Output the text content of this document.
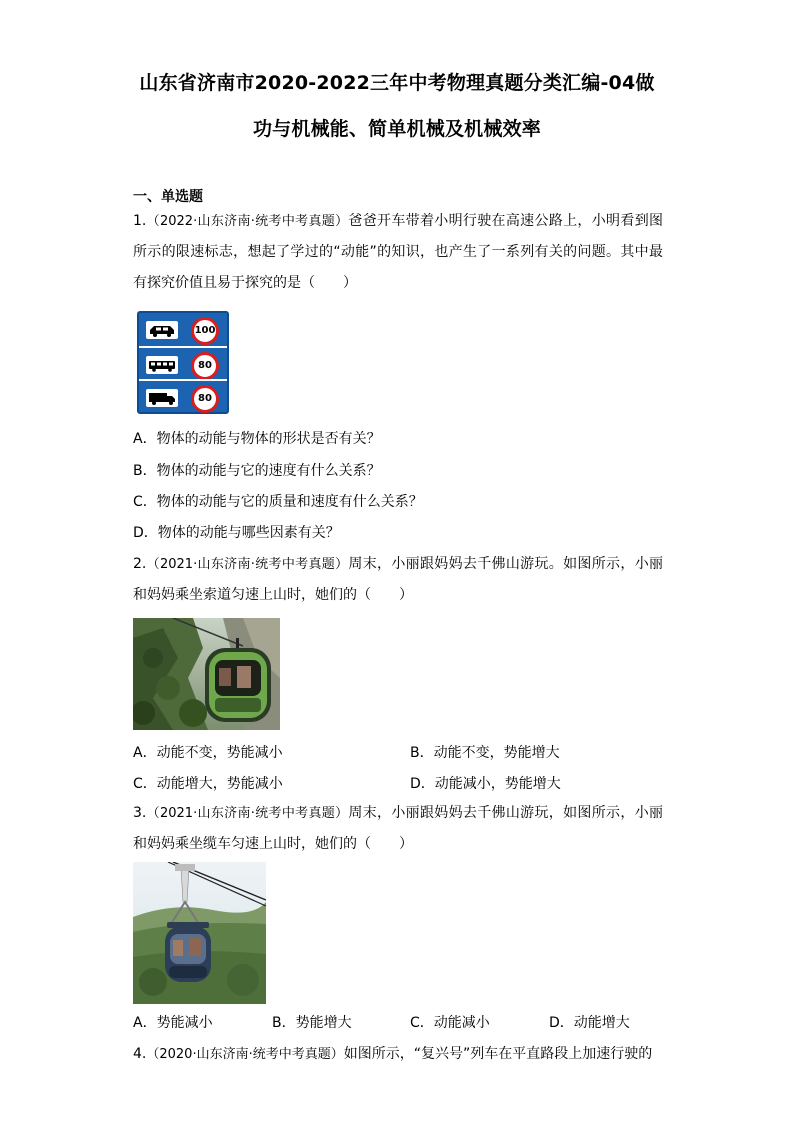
山东省济南市2020-2022三年中考物理真题分类汇编-04做
功与机械能、简单机械及机械效率
一、单选题
1.（2022·山东济南·统考中考真题）爸爸开车带着小明行驶在高速公路上，小明看到图所示的限速标志，想起了学过的“动能”的知识，也产生了一系列有关的问题。其中最有探究价值且易于探究的是（　　）
100
80
80
A．物体的动能与物体的形状是否有关？
B．物体的动能与它的速度有什么关系？
C．物体的动能与它的质量和速度有什么关系？
D．物体的动能与哪些因素有关？
2.（2021·山东济南·统考中考真题）周末，小丽跟妈妈去千佛山游玩。如图所示，小丽和妈妈乘坐索道匀速上山时，她们的（　　）
A．动能不变，势能减小	B．动能不变，势能增大
C．动能增大，势能减小	D．动能减小，势能增大
3.（2021·山东济南·统考中考真题）周末，小丽跟妈妈去千佛山游玩，如图所示，小丽和妈妈乘坐缆车匀速上山时，她们的（　　）
A．势能减小	B．势能增大	C．动能减小	D．动能增大
4.（2020·山东济南·统考中考真题）如图所示，“复兴号”列车在平直路段上加速行驶的
